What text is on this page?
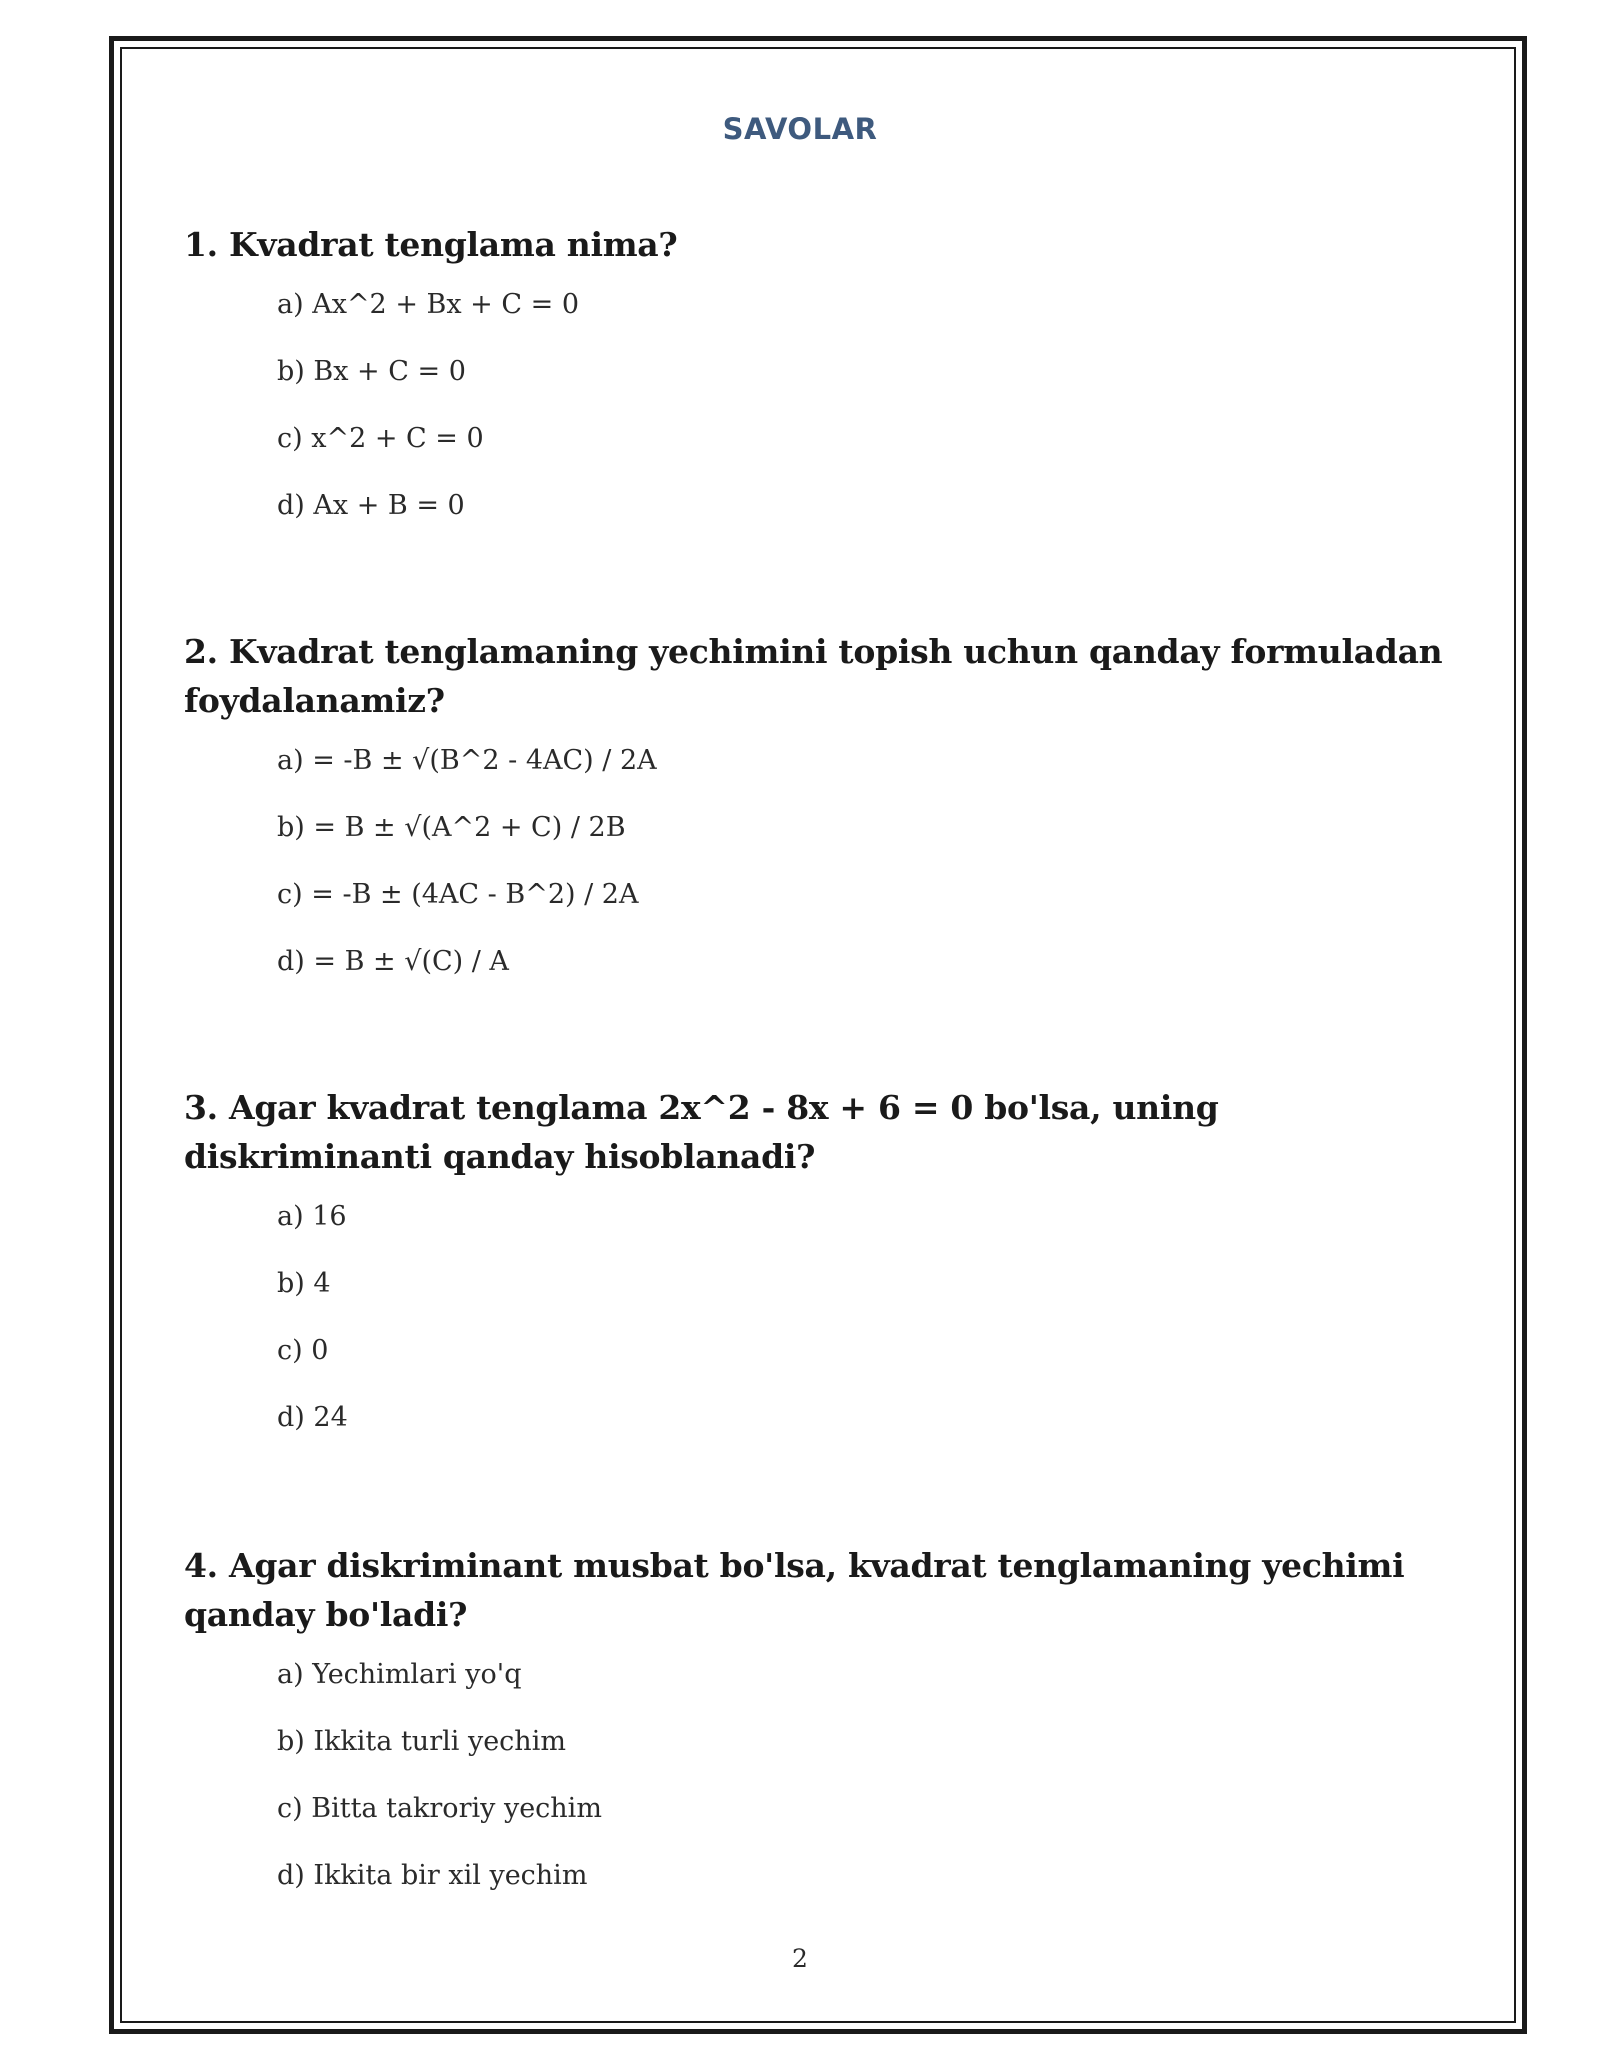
SAVOLAR

1. Kvadrat tenglama nima?

a) Ax^2 + Bx + C = 0
b) Bx + C = 0
c) x^2 + C = 0
d) Ax + B = 0

2. Kvadrat tenglamaning yechimini topish uchun qanday formuladan foydalanamiz?

a) = -B ± √(B^2 - 4AC) / 2A
b) = B ± √(A^2 + C) / 2B
c) = -B ± (4AC - B^2) / 2A
d) = B ± √(C) / A

3. Agar kvadrat tenglama 2x^2 - 8x + 6 = 0 bo'lsa, uning diskriminanti qanday hisoblanadi?

a) 16
b) 4
c) 0
d) 24

4. Agar diskriminant musbat bo'lsa, kvadrat tenglamaning yechimi qanday bo'ladi?

a) Yechimlari yo'q
b) Ikkita turli yechim
c) Bitta takroriy yechim
d) Ikkita bir xil yechim
2
